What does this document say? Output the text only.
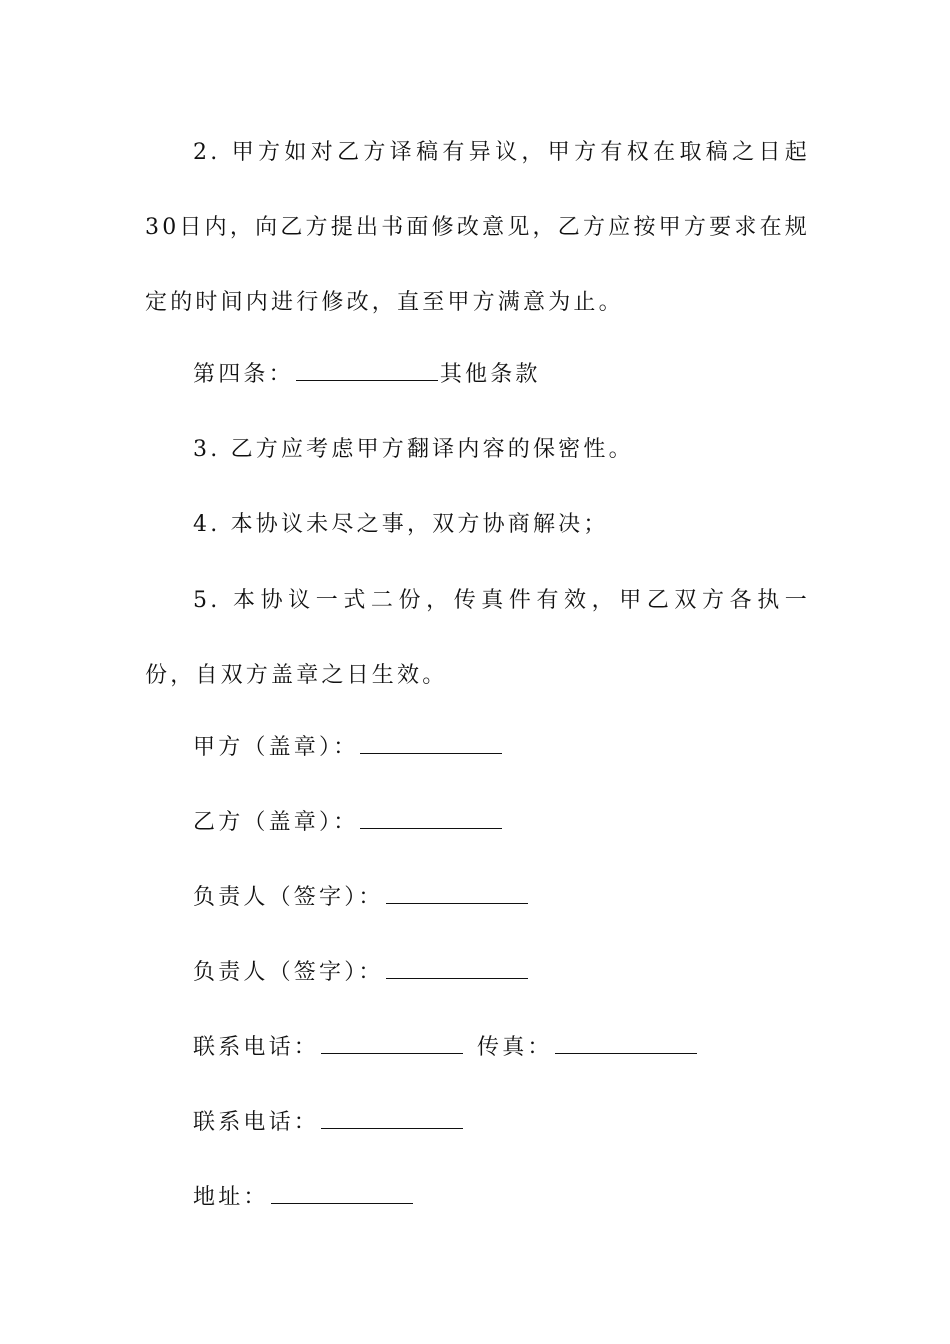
2. 甲方如对乙方译稿有异议，甲方有权在取稿之日起30日内，向乙方提出书面修改意见，乙方应按甲方要求在规定的时间内进行修改，直至甲方满意为止。

第四条：	其他条款

3. 乙方应考虑甲方翻译内容的保密性。

4. 本协议未尽之事，双方协商解决；

5. 本协议一式二份，传真件有效，甲乙双方各执一份，自双方盖章之日生效。

甲方（盖章）：

乙方（盖章）：

负责人（签字）：

负责人（签字）：

联系电话：	传真：

联系电话：

地址：
